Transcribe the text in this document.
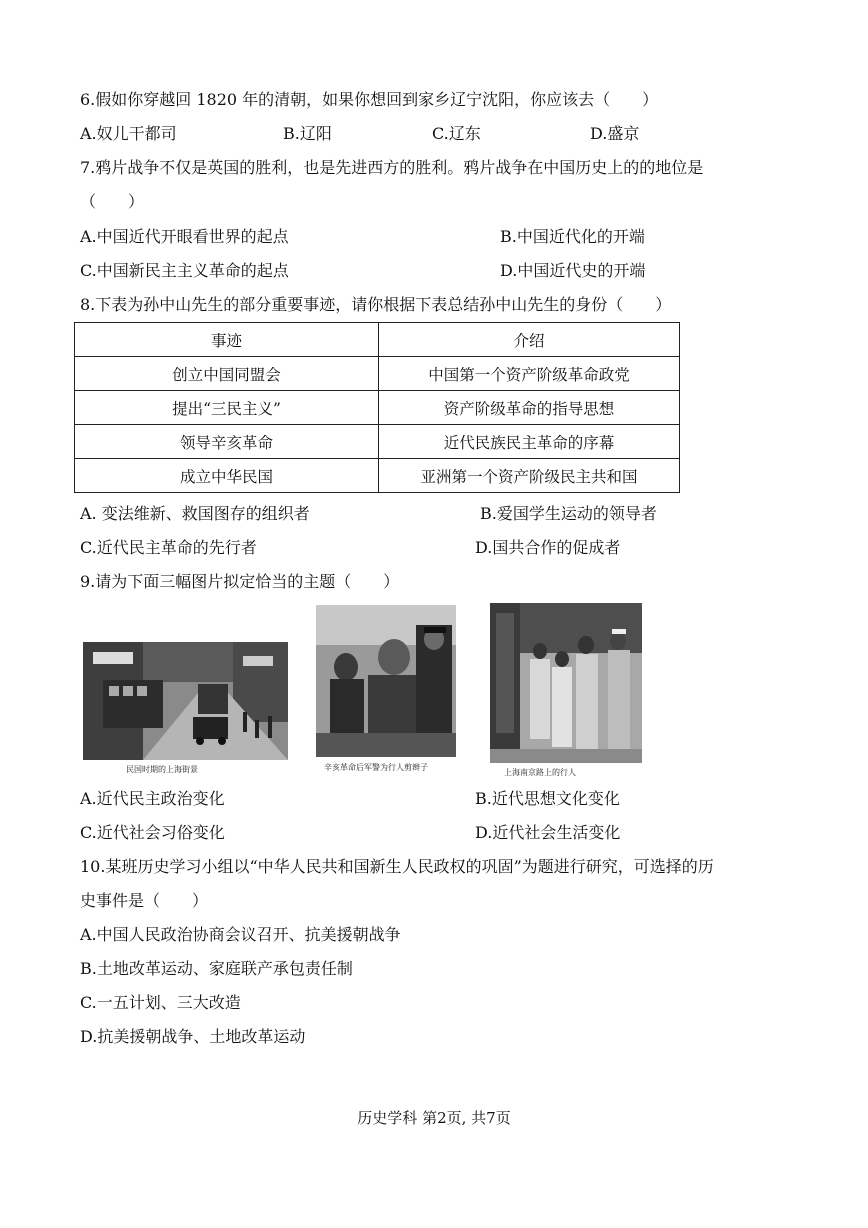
6.假如你穿越回 1820 年的清朝，如果你想回到家乡辽宁沈阳，你应该去（　　）
A.奴儿干都司	B.辽阳	C.辽东	D.盛京
7.鸦片战争不仅是英国的胜利，也是先进西方的胜利。鸦片战争在中国历史上的的地位是
（　　）
A.中国近代开眼看世界的起点	B.中国近代化的开端
C.中国新民主主义革命的起点	D.中国近代史的开端
8.下表为孙中山先生的部分重要事迹，请你根据下表总结孙中山先生的身份（　　）
事迹	介绍
创立中国同盟会	中国第一个资产阶级革命政党
提出“三民主义”	资产阶级革命的指导思想
领导辛亥革命	近代民族民主革命的序幕
成立中华民国	亚洲第一个资产阶级民主共和国
A. 变法维新、救国图存的组织者	B.爱国学生运动的领导者
C.近代民主革命的先行者	D.国共合作的促成者
9.请为下面三幅图片拟定恰当的主题（　　）
民国时期的上海街景	辛亥革命后军警为行人剪辫子
上海南京路上的行人
A.近代民主政治变化	B.近代思想文化变化
C.近代社会习俗变化	D.近代社会生活变化
10.某班历史学习小组以“中华人民共和国新生人民政权的巩固”为题进行研究，可选择的历
史事件是（　　）
A.中国人民政治协商会议召开、抗美援朝战争
B.土地改革运动、家庭联产承包责任制
C.一五计划、三大改造
D.抗美援朝战争、土地改革运动
历史学科 第2页, 共7页
